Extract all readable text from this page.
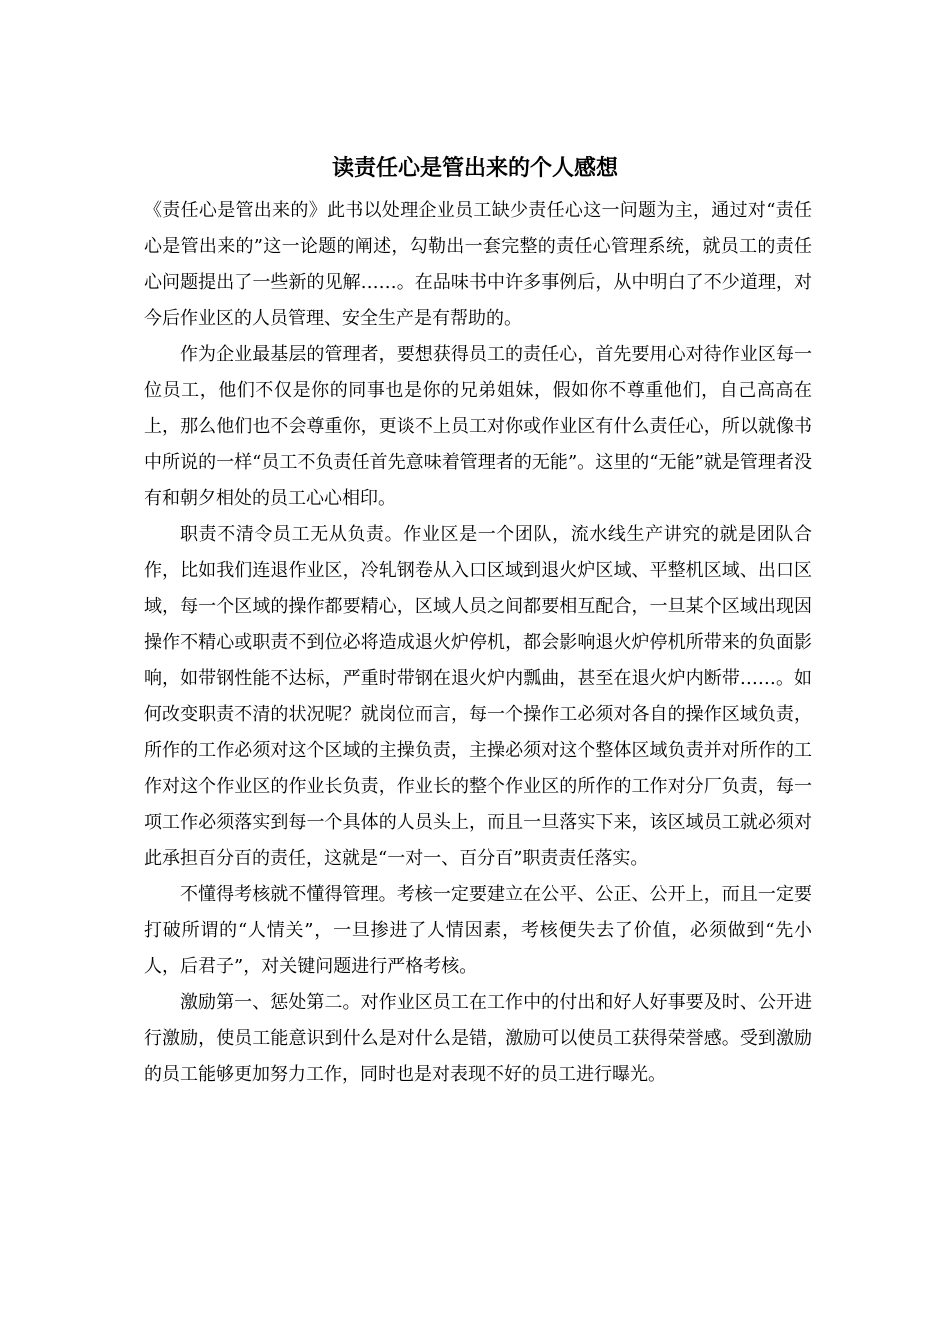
读责任心是管出来的个人感想

《责任心是管出来的》此书以处理企业员工缺少责任心这一问题为主，通过对“责任心是管出来的”这一论题的阐述，勾勒出一套完整的责任心管理系统，就员工的责任心问题提出了一些新的见解……。在品味书中许多事例后，从中明白了不少道理，对今后作业区的人员管理、安全生产是有帮助的。

作为企业最基层的管理者，要想获得员工的责任心，首先要用心对待作业区每一位员工，他们不仅是你的同事也是你的兄弟姐妹，假如你不尊重他们，自己高高在上，那么他们也不会尊重你，更谈不上员工对你或作业区有什么责任心，所以就像书中所说的一样“员工不负责任首先意味着管理者的无能”。这里的“无能”就是管理者没有和朝夕相处的员工心心相印。

职责不清令员工无从负责。作业区是一个团队，流水线生产讲究的就是团队合作，比如我们连退作业区，冷轧钢卷从入口区域到退火炉区域、平整机区域、出口区域，每一个区域的操作都要精心，区域人员之间都要相互配合，一旦某个区域出现因操作不精心或职责不到位必将造成退火炉停机，都会影响退火炉停机所带来的负面影响，如带钢性能不达标，严重时带钢在退火炉内瓢曲，甚至在退火炉内断带……。如何改变职责不清的状况呢？就岗位而言，每一个操作工必须对各自的操作区域负责，所作的工作必须对这个区域的主操负责，主操必须对这个整体区域负责并对所作的工作对这个作业区的作业长负责，作业长的整个作业区的所作的工作对分厂负责，每一项工作必须落实到每一个具体的人员头上，而且一旦落实下来，该区域员工就必须对此承担百分百的责任，这就是“一对一、百分百”职责责任落实。

不懂得考核就不懂得管理。考核一定要建立在公平、公正、公开上，而且一定要打破所谓的“人情关”，一旦掺进了人情因素，考核便失去了价值，必须做到“先小人，后君子”，对关键问题进行严格考核。

激励第一、惩处第二。对作业区员工在工作中的付出和好人好事要及时、公开进行激励，使员工能意识到什么是对什么是错，激励可以使员工获得荣誉感。受到激励的员工能够更加努力工作，同时也是对表现不好的员工进行曝光。
